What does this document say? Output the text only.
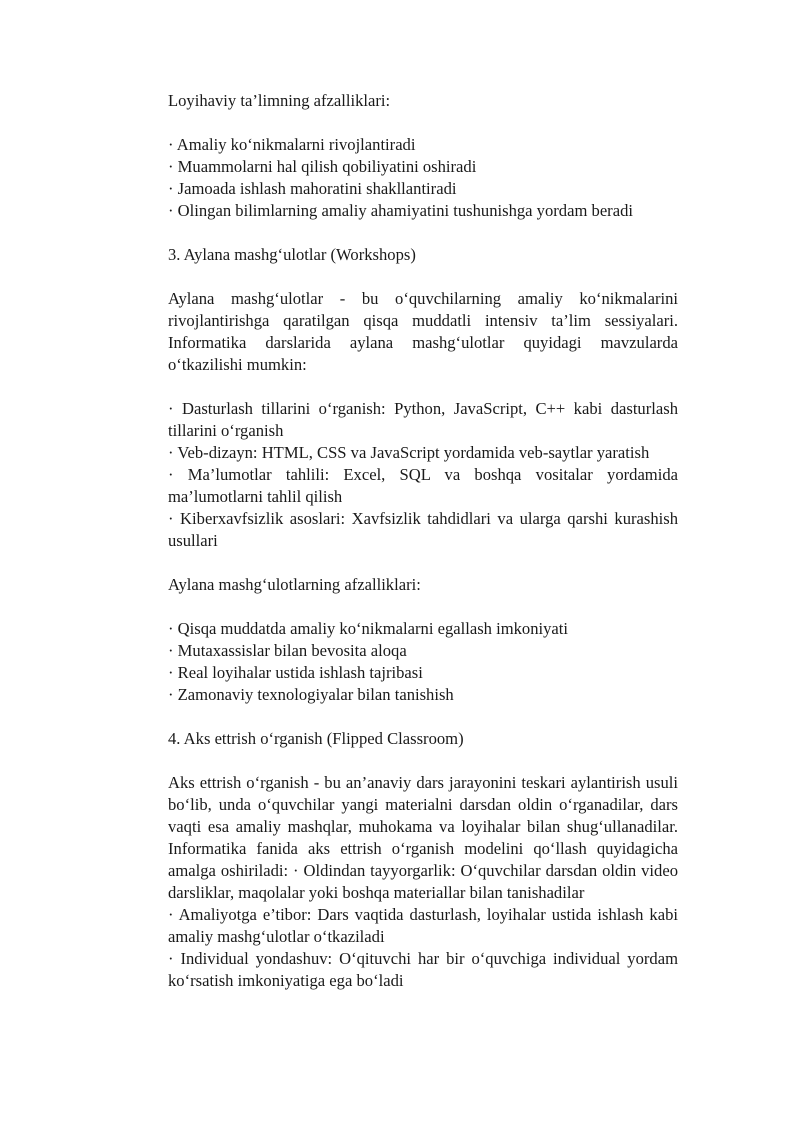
Loyihaviy ta’limning afzalliklari:

· Amaliy ko‘nikmalarni rivojlantiradi
· Muammolarni hal qilish qobiliyatini oshiradi
· Jamoada ishlash mahoratini shakllantiradi
· Olingan bilimlarning amaliy ahamiyatini tushunishga yordam beradi

3. Aylana mashg‘ulotlar (Workshops)

Aylana mashg‘ulotlar - bu o‘quvchilarning amaliy ko‘nikmalarini rivojlantirishga qaratilgan qisqa muddatli intensiv ta’lim sessiyalari. Informatika darslarida aylana mashg‘ulotlar quyidagi mavzularda o‘tkazilishi mumkin:

· Dasturlash tillarini o‘rganish: Python, JavaScript, C++ kabi dasturlash tillarini o‘rganish
· Veb-dizayn: HTML, CSS va JavaScript yordamida veb-saytlar yaratish
· Ma’lumotlar tahlili: Excel, SQL va boshqa vositalar yordamida ma’lumotlarni tahlil qilish
· Kiberxavfsizlik asoslari: Xavfsizlik tahdidlari va ularga qarshi kurashish usullari

Aylana mashg‘ulotlarning afzalliklari:

· Qisqa muddatda amaliy ko‘nikmalarni egallash imkoniyati
· Mutaxassislar bilan bevosita aloqa
· Real loyihalar ustida ishlash tajribasi
· Zamonaviy texnologiyalar bilan tanishish

4. Aks ettrish o‘rganish (Flipped Classroom)

Aks ettrish o‘rganish - bu an’anaviy dars jarayonini teskari aylantirish usuli bo‘lib, unda o‘quvchilar yangi materialni darsdan oldin o‘rganadilar, dars vaqti esa amaliy mashqlar, muhokama va loyihalar bilan shug‘ullanadilar. Informatika fanida aks ettrish o‘rganish modelini qo‘llash quyidagicha amalga oshiriladi: · Oldindan tayyorgarlik: O‘quvchilar darsdan oldin video darsliklar, maqolalar yoki boshqa materiallar bilan tanishadilar

· Amaliyotga e’tibor: Dars vaqtida dasturlash, loyihalar ustida ishlash kabi amaliy mashg‘ulotlar o‘tkaziladi
· Individual yondashuv: O‘qituvchi har bir o‘quvchiga individual yordam ko‘rsatish imkoniyatiga ega bo‘ladi
